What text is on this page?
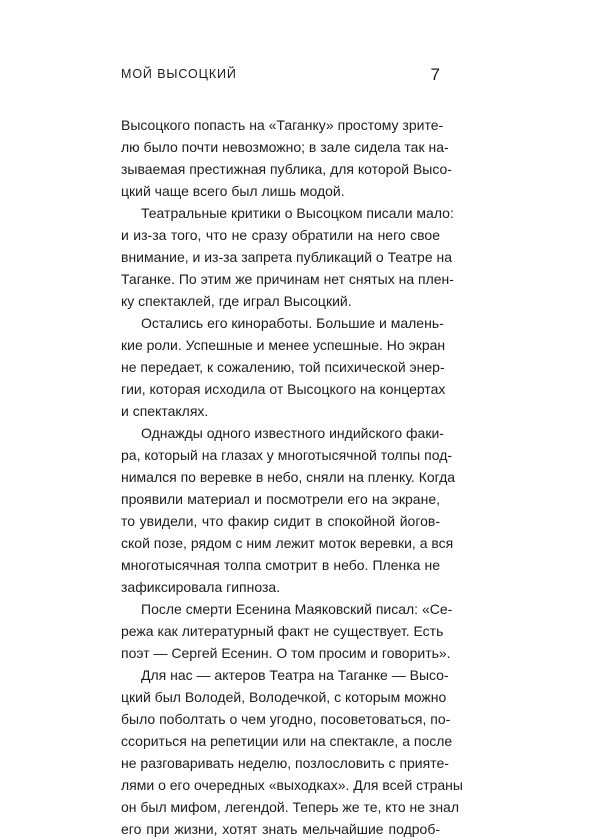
МОЙ ВЫСОЦКИЙ	7

Высоцкого попасть на «Таганку» простому зрите-
лю было почти невозможно; в зале сидела так на-
зываемая престижная публика, для которой Высо-
цкий чаще всего был лишь модой.

Театральные критики о Высоцком писали мало:
и из-за того, что не сразу обратили на него свое
внимание, и из-за запрета публикаций о Театре на
Таганке. По этим же причинам нет снятых на плен-
ку спектаклей, где играл Высоцкий.

Остались его киноработы. Большие и малень-
кие роли. Успешные и менее успешные. Но экран
не передает, к сожалению, той психической энер-
гии, которая исходила от Высоцкого на концертах
и спектаклях.

Однажды одного известного индийского факи-
ра, который на глазах у многотысячной толпы под-
нимался по веревке в небо, сняли на пленку. Когда
проявили материал и посмотрели его на экране,
то увидели, что факир сидит в спокойной йогов-
ской позе, рядом с ним лежит моток веревки, а вся
многотысячная толпа смотрит в небо. Пленка не
зафиксировала гипноза.

После смерти Есенина Маяковский писал: «Се-
режа как литературный факт не существует. Есть
поэт — Сергей Есенин. О том просим и говорить».

Для нас — актеров Театра на Таганке — Высо-
цкий был Володей, Володечкой, с которым можно
было поболтать о чем угодно, посоветоваться, по-
ссориться на репетиции или на спектакле, а после
не разговаривать неделю, позлословить с прияте-
лями о его очередных «выходках». Для всей страны
он был мифом, легендой. Теперь же те, кто не знал
его при жизни, хотят знать мельчайшие подроб-
